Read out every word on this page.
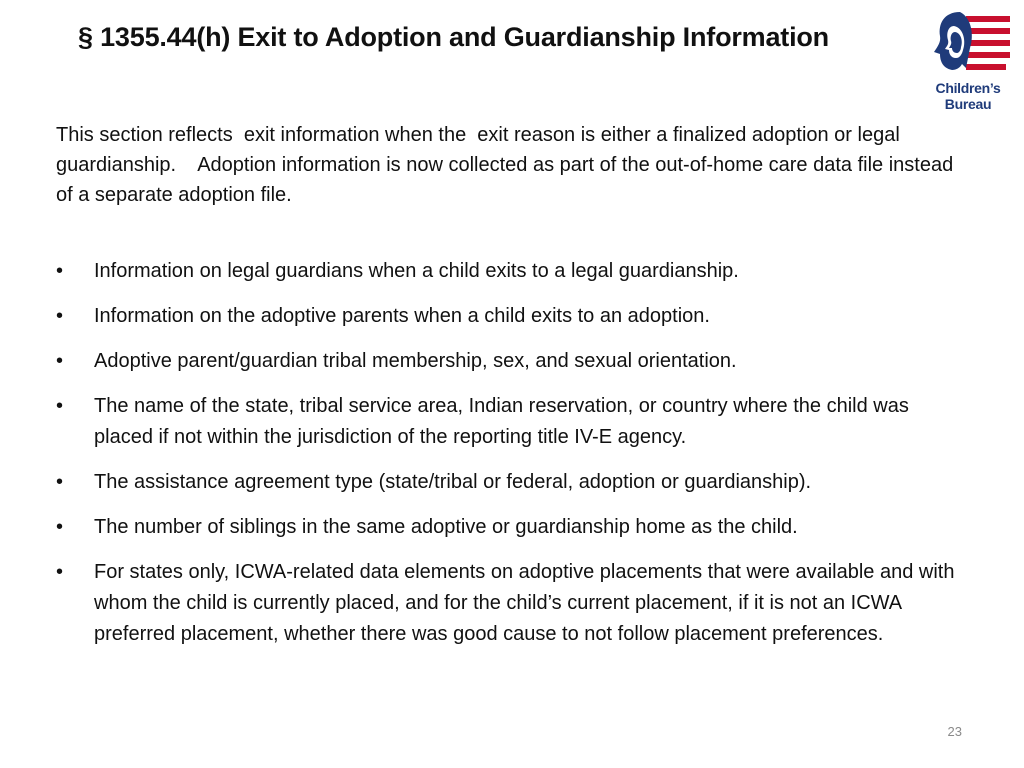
§ 1355.44(h) Exit to Adoption and Guardianship Information
Children’s
Bureau
This section reflects  exit information when the  exit reason is either a finalized adoption or legal guardianship.    Adoption information is now collected as part of the out-of-home care data file instead of a separate adoption file.
•	Information on legal guardians when a child exits to a legal guardianship.
•	Information on the adoptive parents when a child exits to an adoption.
•	Adoptive parent/guardian tribal membership, sex, and sexual orientation.
•	The name of the state, tribal service area, Indian reservation, or country where the child was placed if not within the jurisdiction of the reporting title IV-E agency.
•	The assistance agreement type (state/tribal or federal, adoption or guardianship).
•	The number of siblings in the same adoptive or guardianship home as the child.
•	For states only, ICWA-related data elements on adoptive placements that were available and with whom the child is currently placed, and for the child’s current placement, if it is not an ICWA preferred placement, whether there was good cause to not follow placement preferences.
23
